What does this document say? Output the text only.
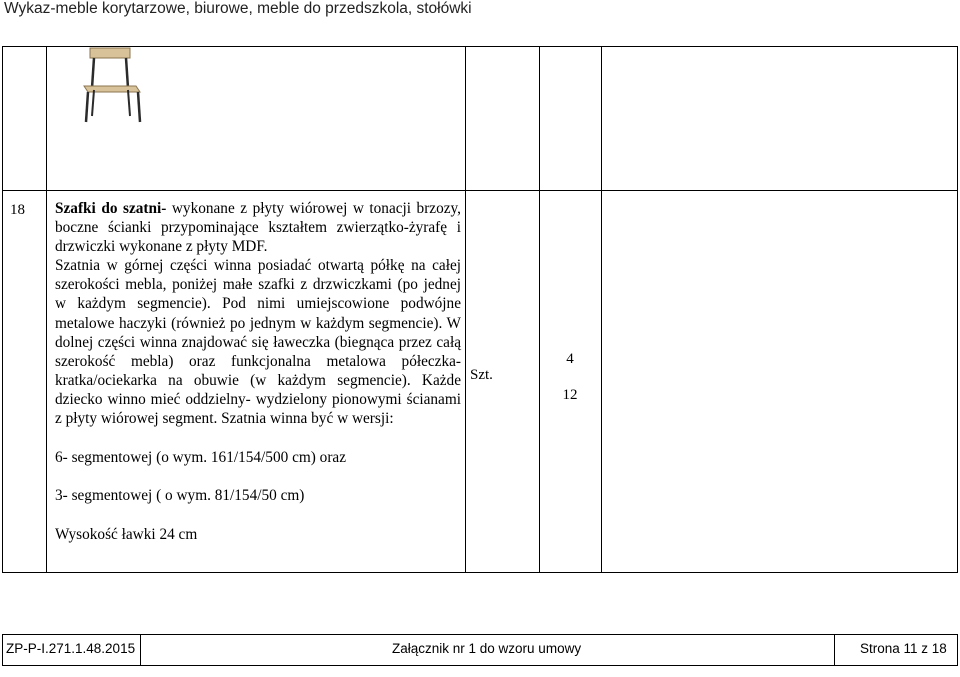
Wykaz-meble korytarzowe, biurowe, meble do przedszkola, stołówki
18 Szafki do szatni- wykonane z płyty wiórowej w tonacji brzozy, boczne ścianki przypominające kształtem zwierzątko-żyrafę i drzwiczki wykonane z płyty MDF.

Szatnia w górnej części winna posiadać otwartą półkę na całej szerokości mebla, poniżej małe szafki z drzwiczkami (po jednej w każdym segmencie). Pod nimi umiejscowione podwójne metalowe haczyki (również po jednym w każdym segmencie). W dolnej części winna znajdować się ławeczka (biegnąca przez całą szerokość mebla) oraz funkcjonalna metalowa półeczka- kratka/ociekarka na obuwie (w każdym segmencie). Każde dziecko winno mieć oddzielny- wydzielony pionowymi ścianami z płyty wiórowej segment. Szatnia winna być w wersji:

6- segmentowej (o wym. 161/154/500 cm) oraz

3- segmentowej ( o wym. 81/154/50 cm)

Wysokość ławki 24 cm

Szt.
4
12
ZP-P-I.271.1.48.2015	Załącznik nr 1 do wzoru umowy	Strona 11 z 18
